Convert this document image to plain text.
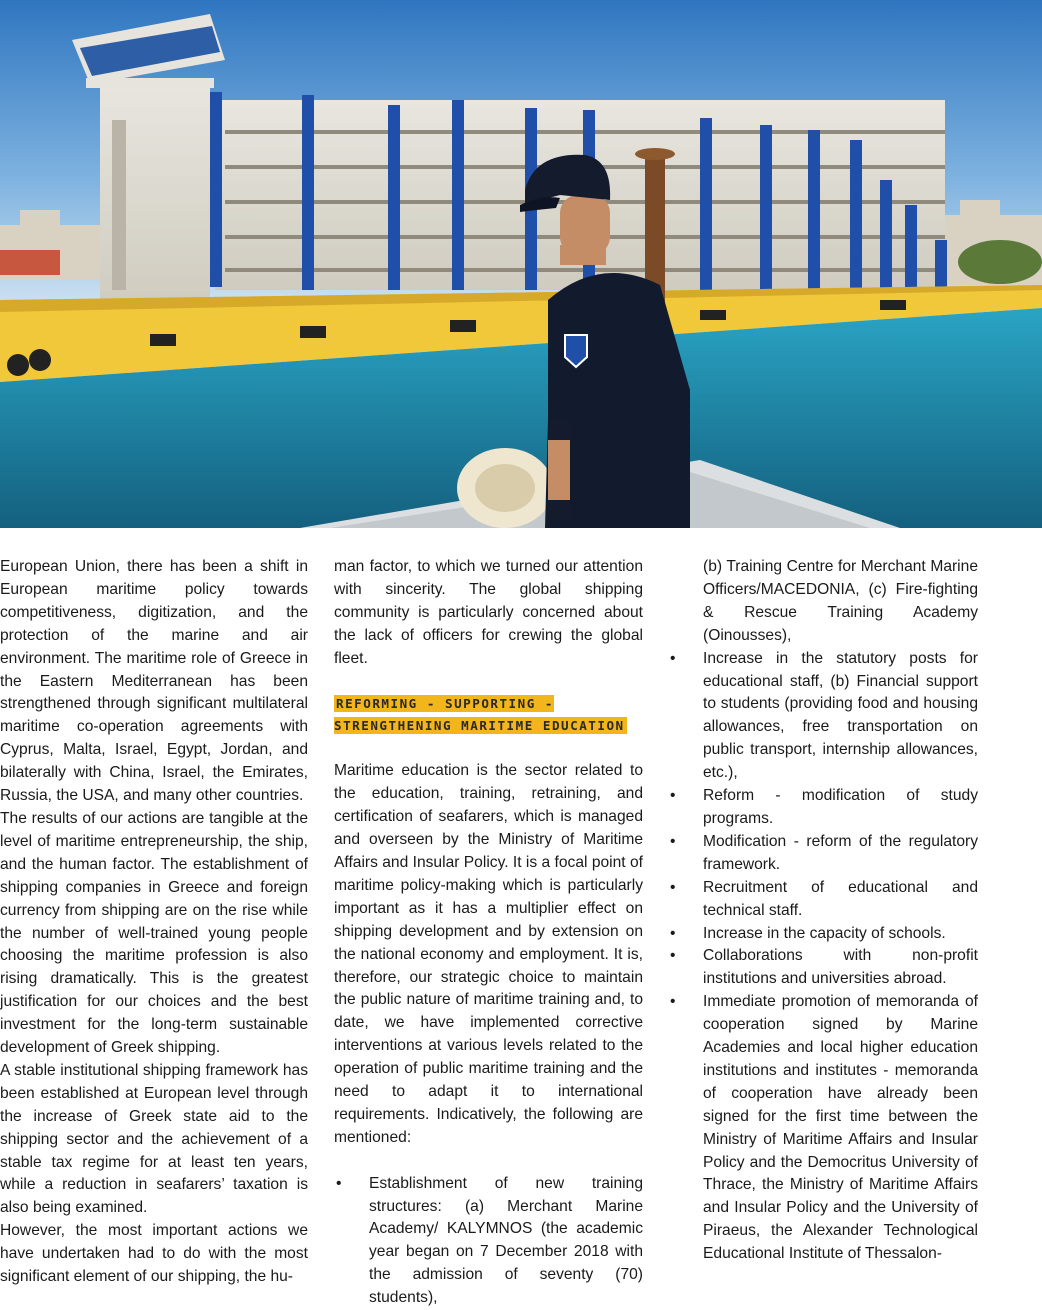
European Union, there has been a shift in European maritime policy towards competitiveness, digitization, and the protection of the marine and air environment. The maritime role of Greece in the Eastern Mediterranean has been strengthened through significant multilateral maritime co-operation agreements with Cyprus, Malta, Israel, Egypt, Jordan, and bilaterally with China, Israel, the Emirates, Russia, the USA, and many other countries.

The results of our actions are tangible at the level of maritime entrepreneurship, the ship, and the human factor. The establishment of shipping companies in Greece and foreign currency from shipping are on the rise while the number of well-trained young people choosing the maritime profession is also rising dramatically. This is the greatest justification for our choices and the best investment for the long-term sustainable development of Greek shipping.

A stable institutional shipping framework has been established at European level through the increase of Greek state aid to the shipping sector and the achievement of a stable tax regime for at least ten years, while a reduction in seafarers’ taxation is also being examined.

However, the most important actions we have undertaken had to do with the most significant element of our shipping, the hu-

man factor, to which we turned our attention with sincerity. The global shipping community is particularly concerned about the lack of officers for crewing the global fleet.

REFORMING - SUPPORTING - STRENGTHENING MARITIME EDUCATION

Maritime education is the sector related to the education, training, retraining, and certification of seafarers, which is managed and overseen by the Ministry of Maritime Affairs and Insular Policy. It is a focal point of maritime policy-making which is particularly important as it has a multiplier effect on shipping development and by extension on the national economy and employment. It is, therefore, our strategic choice to maintain the public nature of maritime training and, to date, we have implemented corrective interventions at various levels related to the operation of public maritime training and the need to adapt it to international requirements. Indicatively, the following are mentioned:

• Establishment of new training structures: (a) Merchant Marine Academy/ KALYMNOS (the academic year began on 7 December 2018 with the admission of seventy (70) students),

(b) Training Centre for Merchant Marine Officers/MACEDONIA, (c) Fire-fighting & Rescue Training Academy (Oinousses),

• Increase in the statutory posts for educational staff, (b) Financial support to students (providing food and housing allowances, free transportation on public transport, internship allowances, etc.),
• Reform - modification of study programs.
• Modification - reform of the regulatory framework.
• Recruitment of educational and technical staff.
• Increase in the capacity of schools.
• Collaborations with non-profit institutions and universities abroad.
• Immediate promotion of memoranda of cooperation signed by Marine Academies and local higher education institutions and institutes - memoranda of cooperation have already been signed for the first time between the Ministry of Maritime Affairs and Insular Policy and the Democritus University of Thrace, the Ministry of Maritime Affairs and Insular Policy and the University of Piraeus, the Alexander Technological Educational Institute of Thessalon-
